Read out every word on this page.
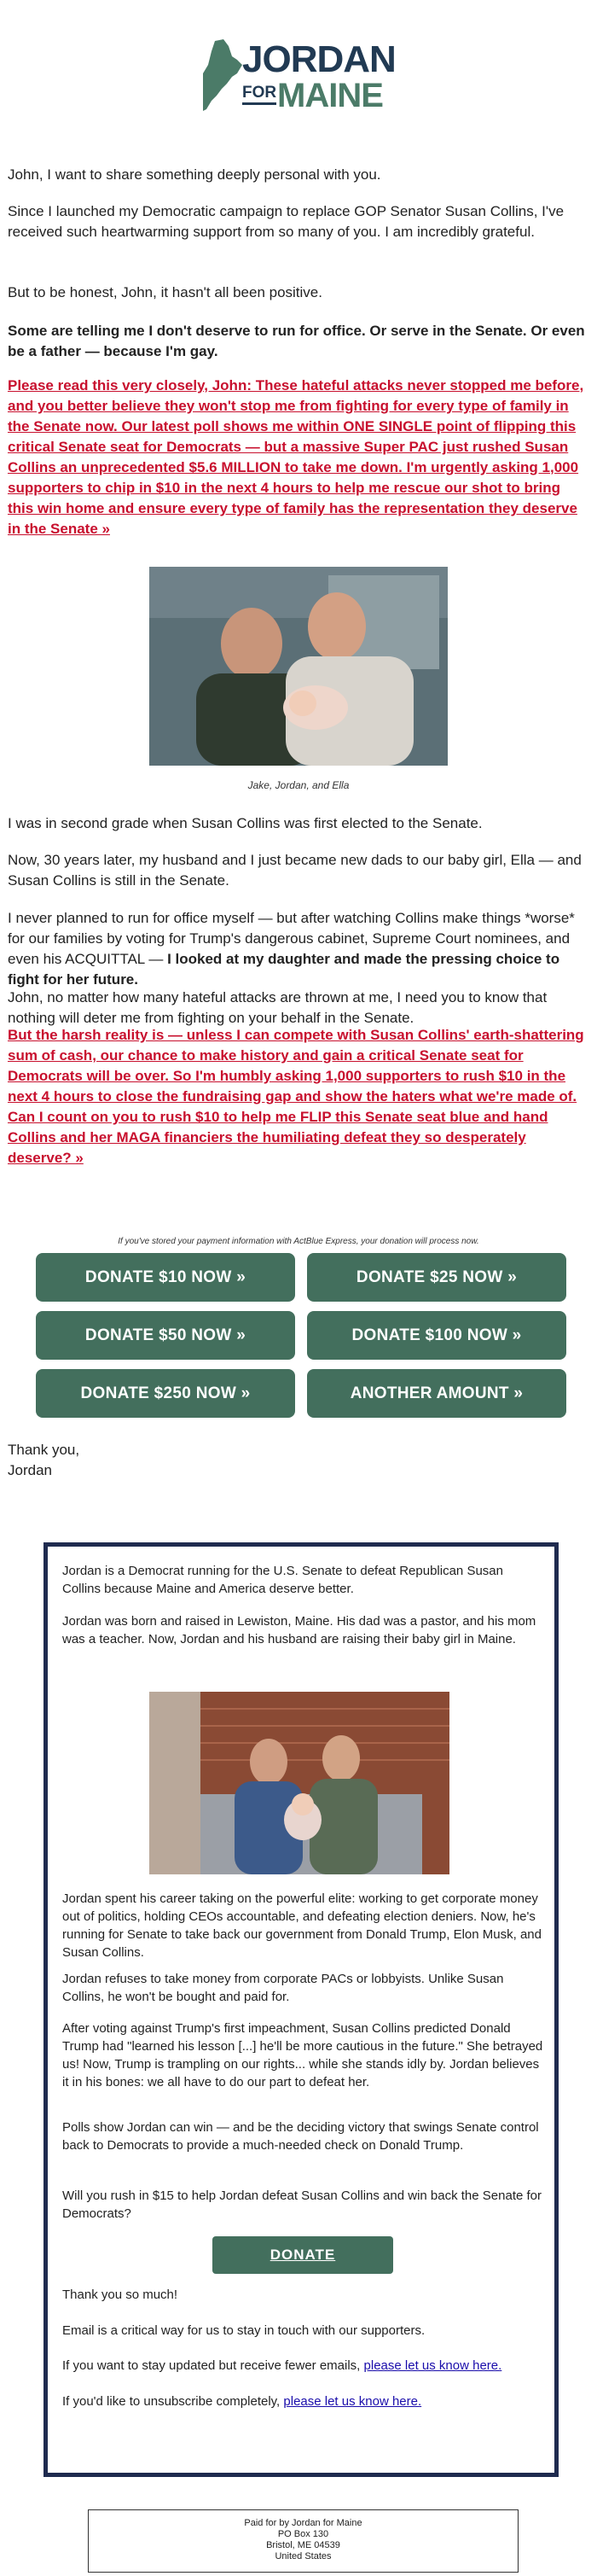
JORDAN
FOR MAINE

John, I want to share something deeply personal with you.

Since I launched my Democratic campaign to replace GOP Senator Susan Collins, I've received such heartwarming support from so many of you. I am incredibly grateful.

But to be honest, John, it hasn't all been positive.

Some are telling me I don't deserve to run for office. Or serve in the Senate. Or even be a father — because I'm gay.

Please read this very closely, John: These hateful attacks never stopped me before, and you better believe they won't stop me from fighting for every type of family in the Senate now. Our latest poll shows me within ONE SINGLE point of flipping this critical Senate seat for Democrats — but a massive Super PAC just rushed Susan Collins an unprecedented $5.6 MILLION to take me down. I'm urgently asking 1,000 supporters to chip in $10 in the next 4 hours to help me rescue our shot to bring this win home and ensure every type of family has the representation they deserve in the Senate »

Jake, Jordan, and Ella

I was in second grade when Susan Collins was first elected to the Senate.

Now, 30 years later, my husband and I just became new dads to our baby girl, Ella — and Susan Collins is still in the Senate.

I never planned to run for office myself — but after watching Collins make things *worse* for our families by voting for Trump's dangerous cabinet, Supreme Court nominees, and even his ACQUITTAL — I looked at my daughter and made the pressing choice to fight for her future.

John, no matter how many hateful attacks are thrown at me, I need you to know that nothing will deter me from fighting on your behalf in the Senate.

But the harsh reality is — unless I can compete with Susan Collins' earth-shattering sum of cash, our chance to make history and gain a critical Senate seat for Democrats will be over. So I'm humbly asking 1,000 supporters to rush $10 in the next 4 hours to close the fundraising gap and show the haters what we're made of. Can I count on you to rush $10 to help me FLIP this Senate seat blue and hand Collins and her MAGA financiers the humiliating defeat they so desperately deserve? »

If you've stored your payment information with ActBlue Express, your donation will process now.
DONATE $10 NOW »	DONATE $25 NOW »
DONATE $50 NOW »	DONATE $100 NOW »
DONATE $250 NOW »	ANOTHER AMOUNT »

Thank you,

Jordan

Jordan is a Democrat running for the U.S. Senate to defeat Republican Susan Collins because Maine and America deserve better.

Jordan was born and raised in Lewiston, Maine. His dad was a pastor, and his mom was a teacher. Now, Jordan and his husband are raising their baby girl in Maine.

Jordan spent his career taking on the powerful elite: working to get corporate money out of politics, holding CEOs accountable, and defeating election deniers. Now, he's running for Senate to take back our government from Donald Trump, Elon Musk, and Susan Collins.

Jordan refuses to take money from corporate PACs or lobbyists. Unlike Susan Collins, he won't be bought and paid for.

After voting against Trump's first impeachment, Susan Collins predicted Donald Trump had "learned his lesson [...] he'll be more cautious in the future." She betrayed us! Now, Trump is trampling on our rights... while she stands idly by. Jordan believes it in his bones: we all have to do our part to defeat her.

Polls show Jordan can win — and be the deciding victory that swings Senate control back to Democrats to provide a much-needed check on Donald Trump.

Will you rush in $15 to help Jordan defeat Susan Collins and win back the Senate for Democrats?

DONATE

Thank you so much!

Email is a critical way for us to stay in touch with our supporters.

If you want to stay updated but receive fewer emails, please let us know here.

If you'd like to unsubscribe completely, please let us know here.

Paid for by Jordan for Maine
PO Box 130
Bristol, ME 04539
United States
